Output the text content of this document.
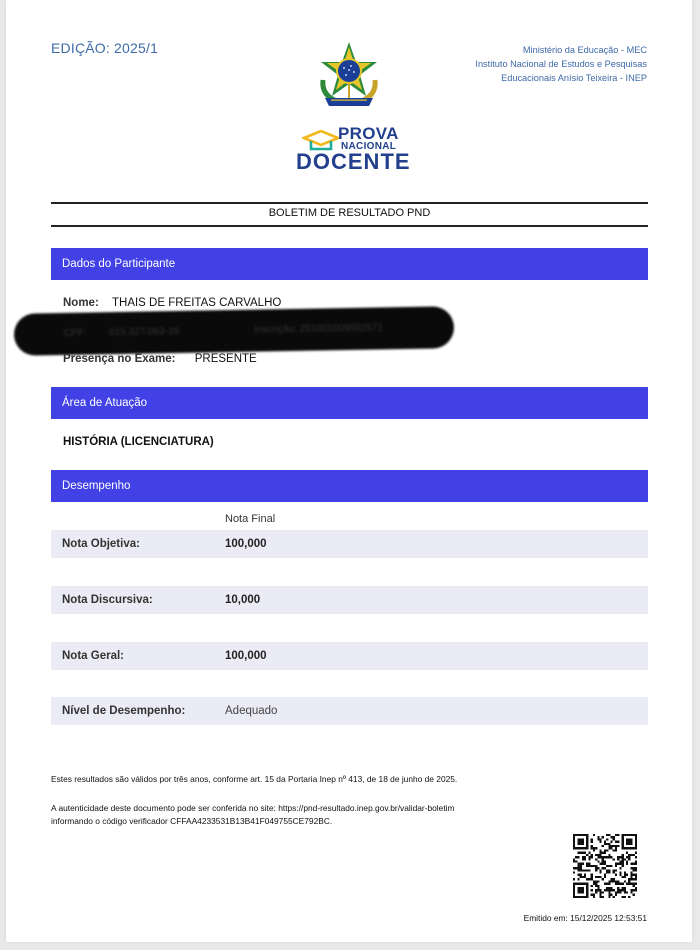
EDIÇÃO: 2025/1	Ministério da Educação - MEC
Instituto Nacional de Estudos e Pesquisas
Educacionais Anísio Teixeira - INEP
PROVA
NACIONAL
DOCENTE
BOLETIM DE RESULTADO PND
Dados do Participante
Nome: THAIS DE FREITAS CARVALHO
CPF: 015.327.063-16	Inscrição: 251001009502571
Presença no Exame: PRESENTE
Área de Atuação
HISTÓRIA (LICENCIATURA)
Desempenho
Nota Final
Nota Objetiva:	100,000
Nota Discursiva:	10,000
Nota Geral:	100,000
Nível de Desempenho:	Adequado
Estes resultados são válidos por três anos, conforme art. 15 da Portaria Inep nº 413, de 18 de junho de 2025.
A autenticidade deste documento pode ser conferida no site: https://pnd-resultado.inep.gov.br/validar-boletim
informando o código verificador CFFAA4233531B13B41F049755CE792BC.
Emitido em: 15/12/2025 12:53:51
